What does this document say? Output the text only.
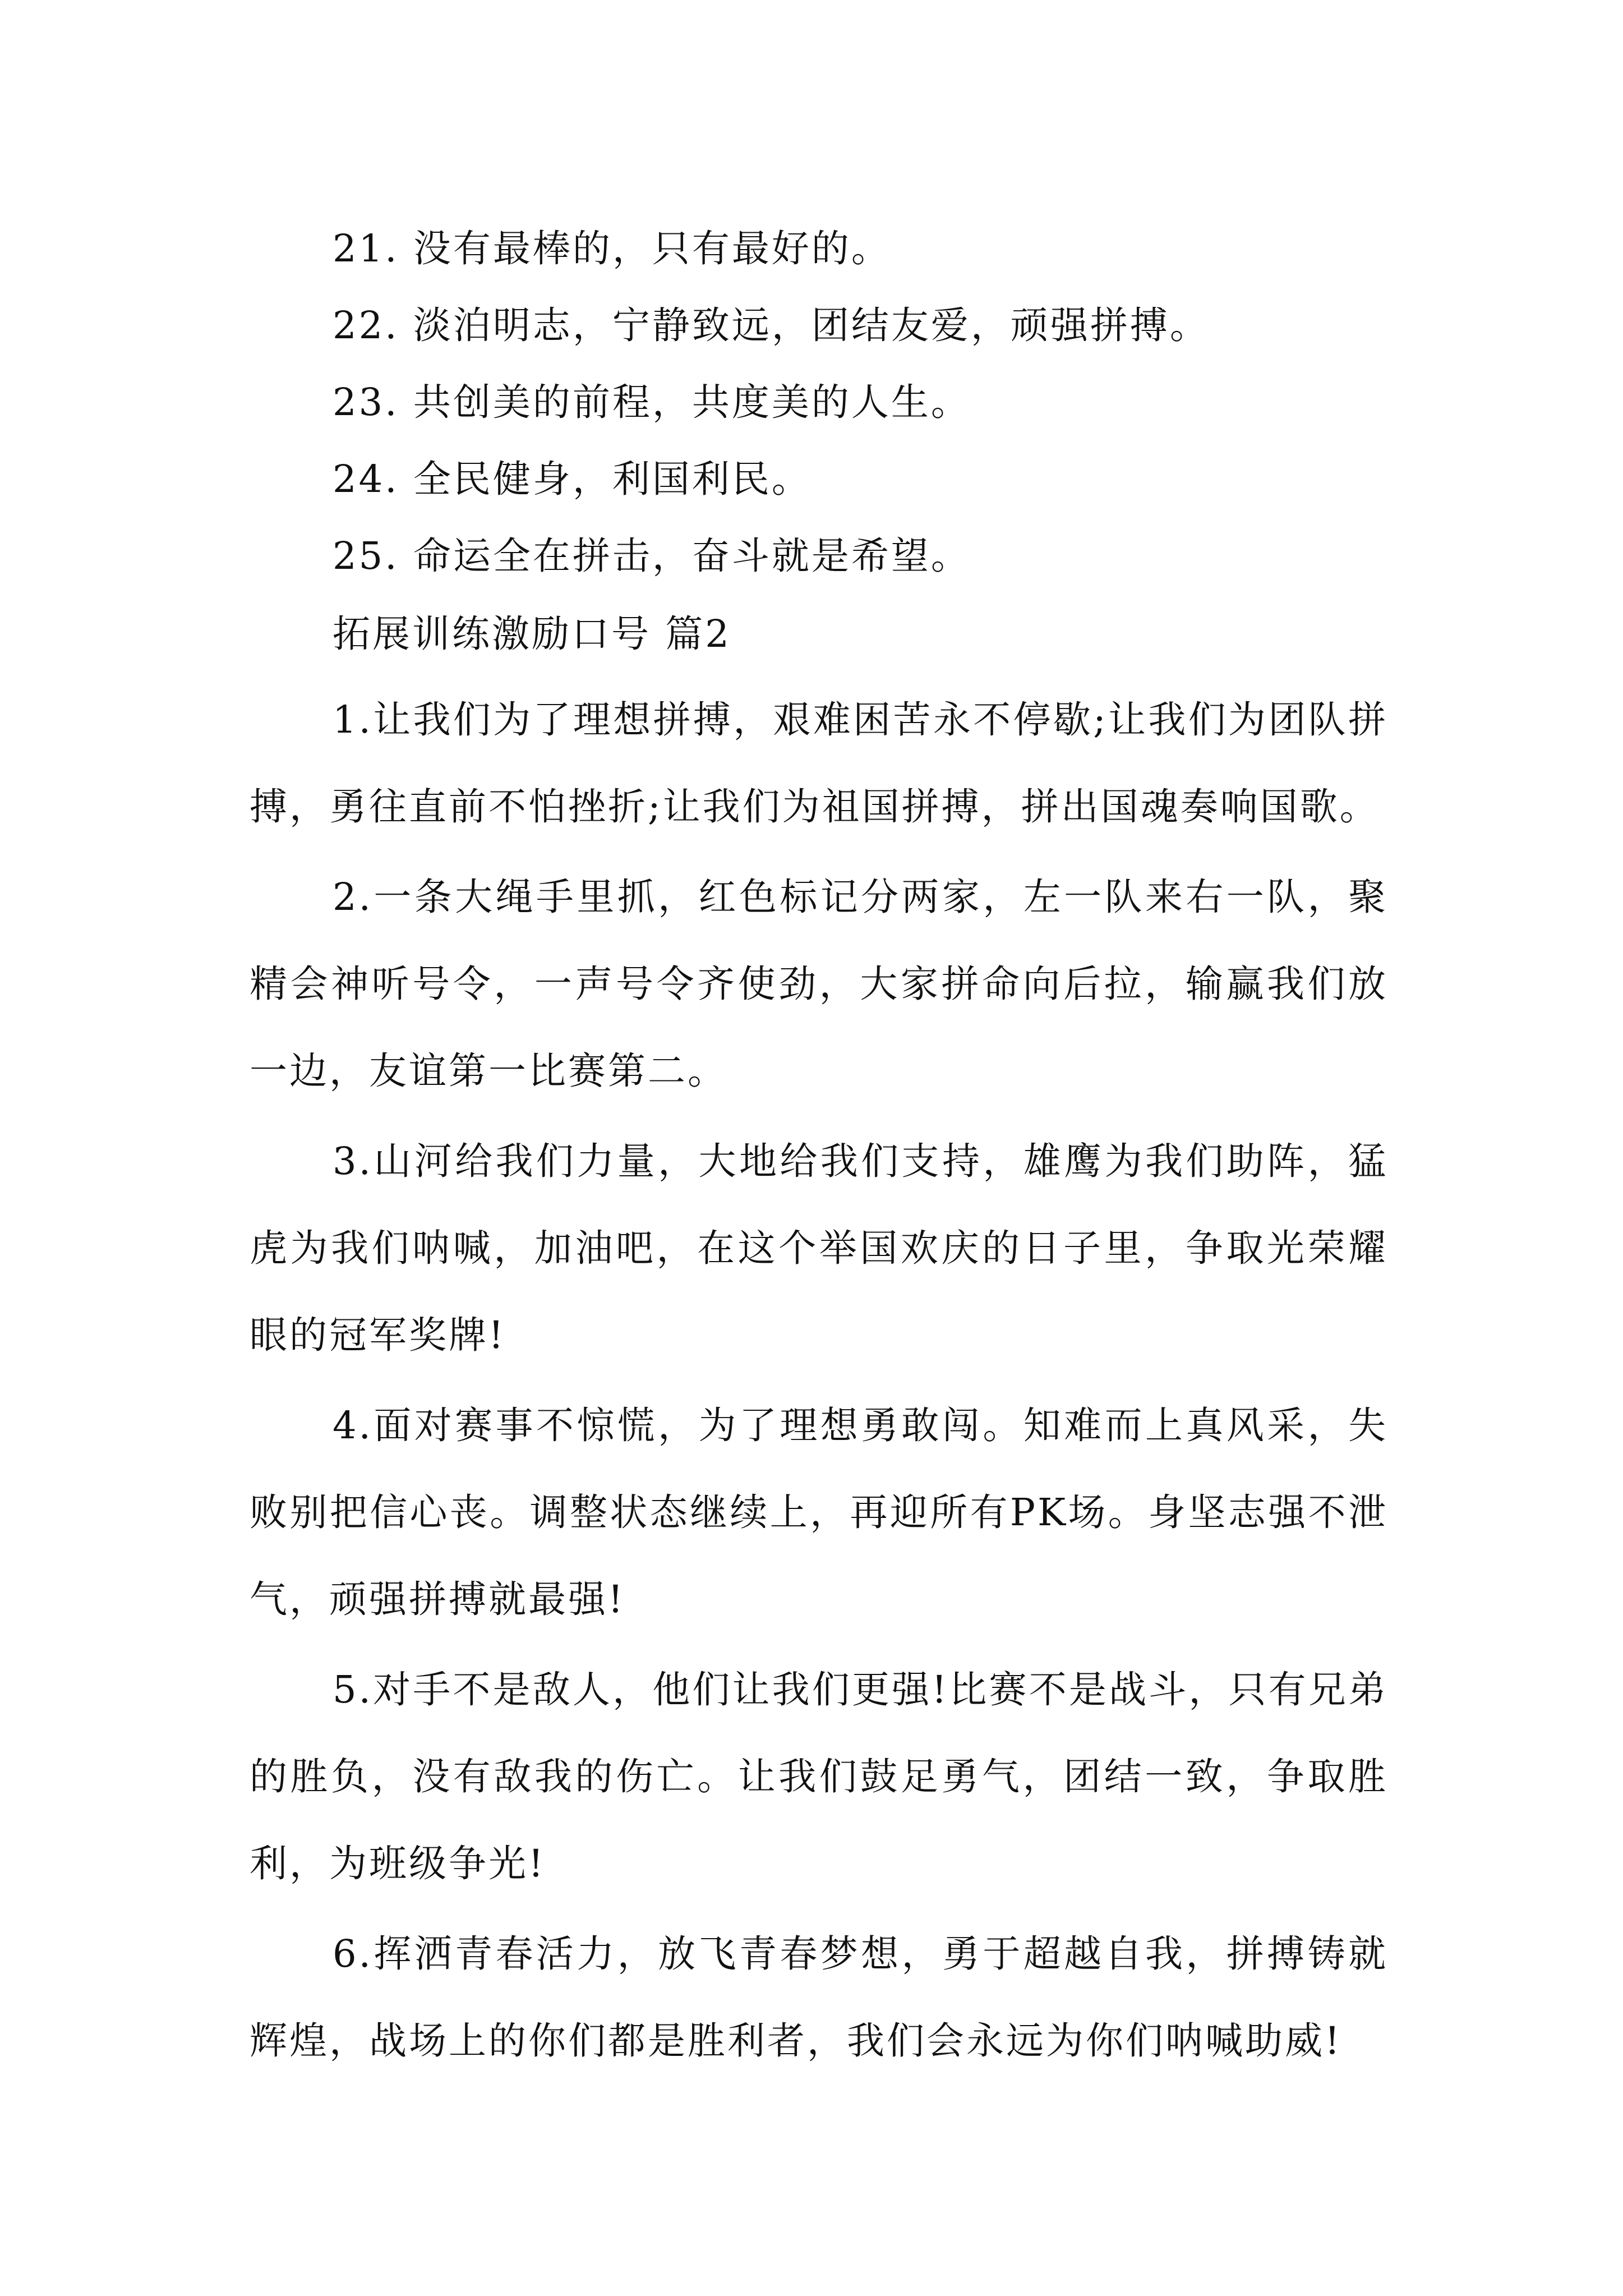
21. 没有最棒的，只有最好的。
22. 淡泊明志，宁静致远，团结友爱，顽强拼搏。
23. 共创美的前程，共度美的人生。
24. 全民健身，利国利民。
25. 命运全在拼击，奋斗就是希望。
拓展训练激励口号 篇2

1.让我们为了理想拼搏，艰难困苦永不停歇;让我们为团队拼搏，勇往直前不怕挫折;让我们为祖国拼搏，拼出国魂奏响国歌。

2.一条大绳手里抓，红色标记分两家，左一队来右一队，聚精会神听号令，一声号令齐使劲，大家拼命向后拉，输赢我们放一边，友谊第一比赛第二。

3.山河给我们力量，大地给我们支持，雄鹰为我们助阵，猛虎为我们呐喊，加油吧，在这个举国欢庆的日子里，争取光荣耀眼的冠军奖牌!

4.面对赛事不惊慌，为了理想勇敢闯。知难而上真风采，失败别把信心丧。调整状态继续上，再迎所有PK场。身坚志强不泄气，顽强拼搏就最强!

5.对手不是敌人，他们让我们更强!比赛不是战斗，只有兄弟的胜负，没有敌我的伤亡。让我们鼓足勇气，团结一致，争取胜利，为班级争光!

6.挥洒青春活力，放飞青春梦想，勇于超越自我，拼搏铸就辉煌，战场上的你们都是胜利者，我们会永远为你们呐喊助威!
